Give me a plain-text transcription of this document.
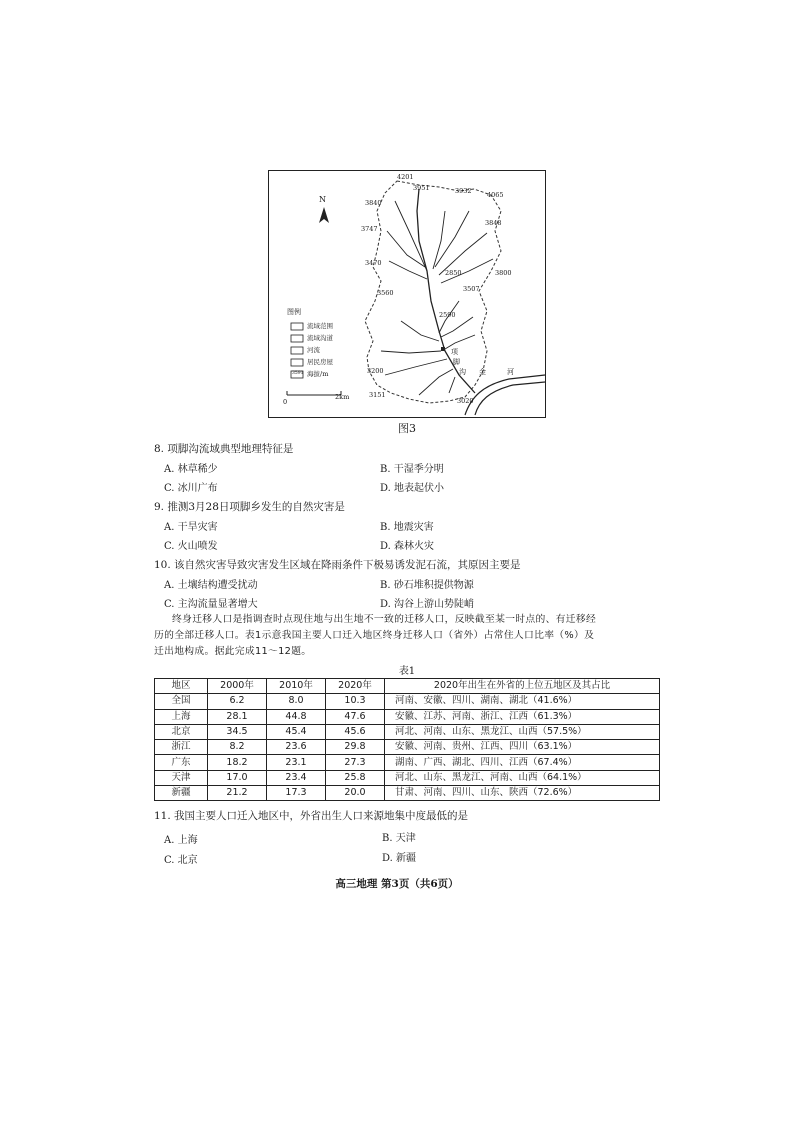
N
图例
流域范围
流域沟道
河流
居民房屋
海拔/m
3591
0
2km
项
脚
沟 金	河
4201
3951	3932 4065
3840
3848
3747
3470
2850	3800
3560	3507
2590
3200
3151
3020
图3
8. 项脚沟流域典型地理特征是
A. 林草稀少	B. 干湿季分明
C. 冰川广布	D. 地表起伏小
9. 推测3月28日项脚乡发生的自然灾害是
A. 干旱灾害	B. 地震灾害
C. 火山喷发	D. 森林火灾
10. 该自然灾害导致灾害发生区域在降雨条件下极易诱发泥石流，其原因主要是
A. 土壤结构遭受扰动	B. 砂石堆积提供物源
C. 主沟流量显著增大	D. 沟谷上游山势陡峭
终身迁移人口是指调查时点现住地与出生地不一致的迁移人口，反映截至某一时点的、有迁移经
历的全部迁移人口。表1示意我国主要人口迁入地区终身迁移人口（省外）占常住人口比率（%）及
迁出地构成。据此完成11～12题。
表1
地区	2000年	2010年	2020年	2020年出生在外省的上位五地区及其占比
全国	6.2	8.0	10.3	河南、安徽、四川、湖南、湖北（41.6%）
上海	28.1	44.8	47.6	安徽、江苏、河南、浙江、江西（61.3%）
北京	34.5	45.4	45.6	河北、河南、山东、黑龙江、山西（57.5%）
浙江	8.2	23.6	29.8	安徽、河南、贵州、江西、四川（63.1%）
广东	18.2	23.1	27.3	湖南、广西、湖北、四川、江西（67.4%）
天津	17.0	23.4	25.8	河北、山东、黑龙江、河南、山西（64.1%）
新疆	21.2	17.3	20.0	甘肃、河南、四川、山东、陕西（72.6%）
11. 我国主要人口迁入地区中，外省出生人口来源地集中度最低的是
A. 上海	B. 天津
C. 北京	D. 新疆
高三地理 第3页（共6页）
